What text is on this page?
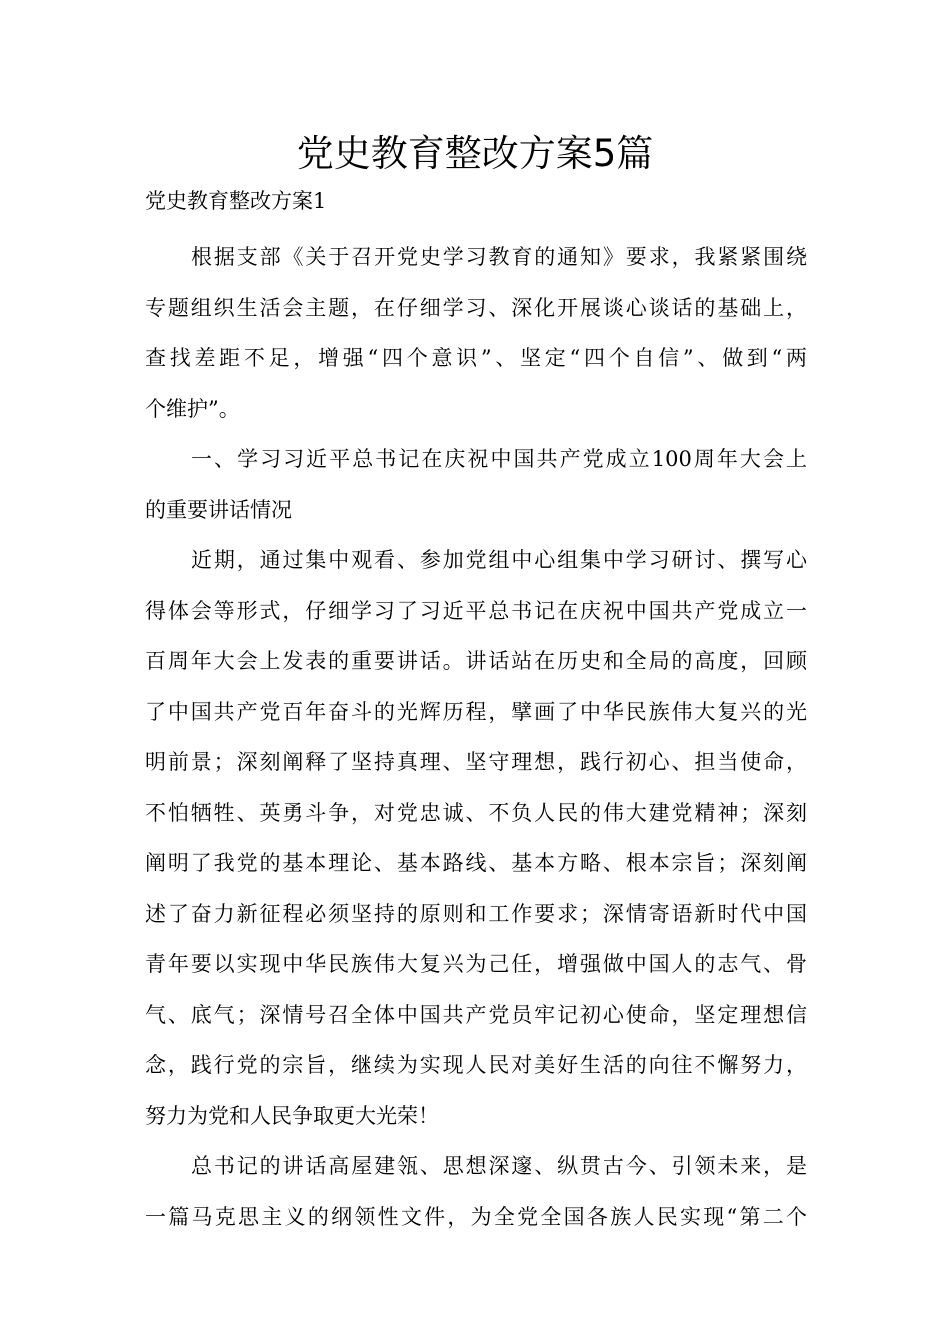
党史教育整改方案5篇

党史教育整改方案1

根据支部《关于召开党史学习教育的通知》要求，我紧紧围绕
专题组织生活会主题，在仔细学习、深化开展谈心谈话的基础上，
查找差距不足，增强“四个意识”、坚定“四个自信”、做到“两
个维护”。
一、学习习近平总书记在庆祝中国共产党成立100周年大会上
的重要讲话情况
近期，通过集中观看、参加党组中心组集中学习研讨、撰写心
得体会等形式，仔细学习了习近平总书记在庆祝中国共产党成立一
百周年大会上发表的重要讲话。讲话站在历史和全局的高度，回顾
了中国共产党百年奋斗的光辉历程，擘画了中华民族伟大复兴的光
明前景；深刻阐释了坚持真理、坚守理想，践行初心、担当使命，
不怕牺牲、英勇斗争，对党忠诚、不负人民的伟大建党精神；深刻
阐明了我党的基本理论、基本路线、基本方略、根本宗旨；深刻阐
述了奋力新征程必须坚持的原则和工作要求；深情寄语新时代中国
青年要以实现中华民族伟大复兴为己任，增强做中国人的志气、骨
气、底气；深情号召全体中国共产党员牢记初心使命，坚定理想信
念，践行党的宗旨，继续为实现人民对美好生活的向往不懈努力，
努力为党和人民争取更大光荣！
总书记的讲话高屋建瓴、思想深邃、纵贯古今、引领未来，是
一篇马克思主义的纲领性文件，为全党全国各族人民实现“第二个
